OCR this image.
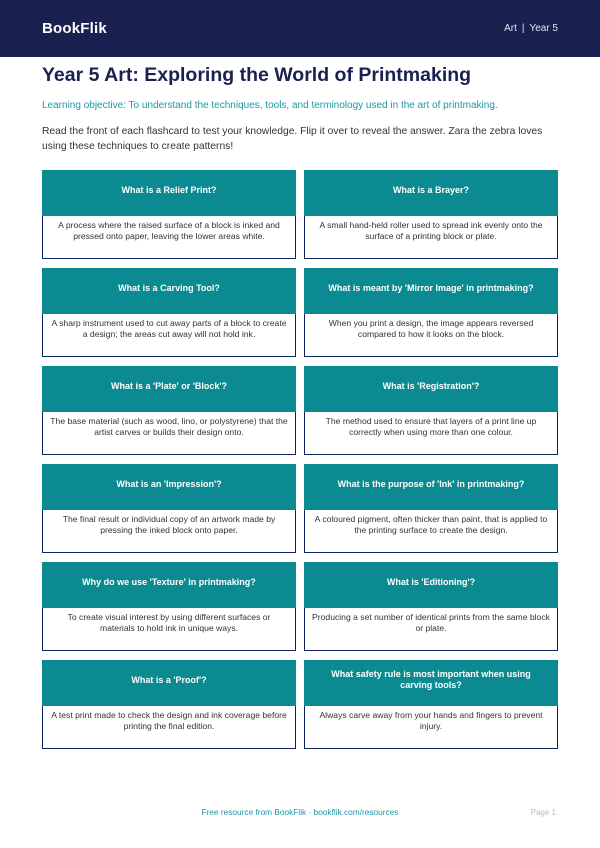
BookFlik	Art | Year 5
Year 5 Art: Exploring the World of Printmaking

Learning objective: To understand the techniques, tools, and terminology used in the art of printmaking.

Read the front of each flashcard to test your knowledge. Flip it over to reveal the answer. Zara the zebra loves using these techniques to create patterns!

What is a Relief Print?
A process where the raised surface of a block is inked and pressed onto paper, leaving the lower areas white.
What is a Brayer?
A small hand-held roller used to spread ink evenly onto the surface of a printing block or plate.
What is a Carving Tool?
A sharp instrument used to cut away parts of a block to create a design; the areas cut away will not hold ink.
What is meant by 'Mirror Image' in printmaking?
When you print a design, the image appears reversed compared to how it looks on the block.
What is a 'Plate' or 'Block'?
The base material (such as wood, lino, or polystyrene) that the artist carves or builds their design onto.
What is 'Registration'?
The method used to ensure that layers of a print line up correctly when using more than one colour.
What is an 'Impression'?
The final result or individual copy of an artwork made by pressing the inked block onto paper.
What is the purpose of 'Ink' in printmaking?
A coloured pigment, often thicker than paint, that is applied to the printing surface to create the design.
Why do we use 'Texture' in printmaking?
To create visual interest by using different surfaces or materials to hold ink in unique ways.
What is 'Editioning'?
Producing a set number of identical prints from the same block or plate.
What is a 'Proof'?
A test print made to check the design and ink coverage before printing the final edition.
What safety rule is most important when using carving tools?
Always carve away from your hands and fingers to prevent injury.
Free resource from BookFlik · bookflik.com/resources	Page 1
